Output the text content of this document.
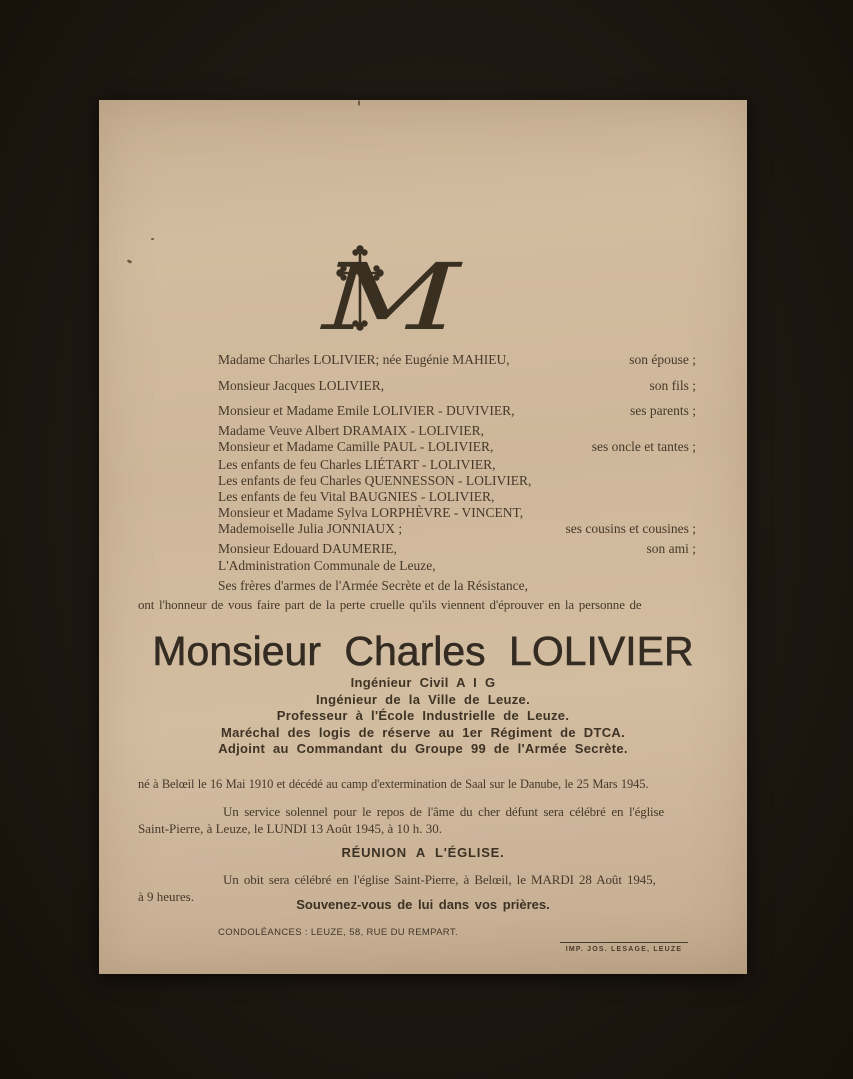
M
Madame Charles LOLIVIER; née Eugénie MAHIEU,	son épouse ;
Monsieur Jacques LOLIVIER,	son fils ;
Monsieur et Madame Emile LOLIVIER - DUVIVIER,	ses parents ;
Madame Veuve Albert DRAMAIX - LOLIVIER,
Monsieur et Madame Camille PAUL - LOLIVIER,	ses oncle et tantes ;
Les enfants de feu Charles LIÉTART - LOLIVIER,
Les enfants de feu Charles QUENNESSON - LOLIVIER,
Les enfants de feu Vital BAUGNIES - LOLIVIER,
Monsieur et Madame Sylva LORPHÈVRE - VINCENT,
Mademoiselle Julia JONNIAUX ;	ses cousins et cousines ;
Monsieur Edouard DAUMERIE,	son ami ;
L'Administration Communale de Leuze,
Ses frères d'armes de l'Armée Secrète et de la Résistance,
ont l'honneur de vous faire part de la perte cruelle qu'ils viennent d'éprouver en la personne de
Monsieur Charles LOLIVIER
Ingénieur Civil A I G
Ingénieur de la Ville de Leuze.
Professeur à l'École Industrielle de Leuze.
Maréchal des logis de réserve au 1er Régiment de DTCA.
Adjoint au Commandant du Groupe 99 de l'Armée Secrète.
né à Belœil le 16 Mai 1910 et décédé au camp d'extermination de Saal sur le Danube, le 25 Mars 1945.
Un service solennel pour le repos de l'âme du cher défunt sera célébré en l'église
Saint-Pierre, à Leuze, le LUNDI 13 Août 1945, à 10 h. 30.
RÉUNION A L'ÉGLISE.
Un obit sera célébré en l'église Saint-Pierre, à Belœil, le MARDI 28 Août 1945,
à 9 heures.
Souvenez-vous de lui dans vos prières.
CONDOLÉANCES : LEUZE, 58, RUE DU REMPART.
IMP. JOS. LESAGE, LEUZE
